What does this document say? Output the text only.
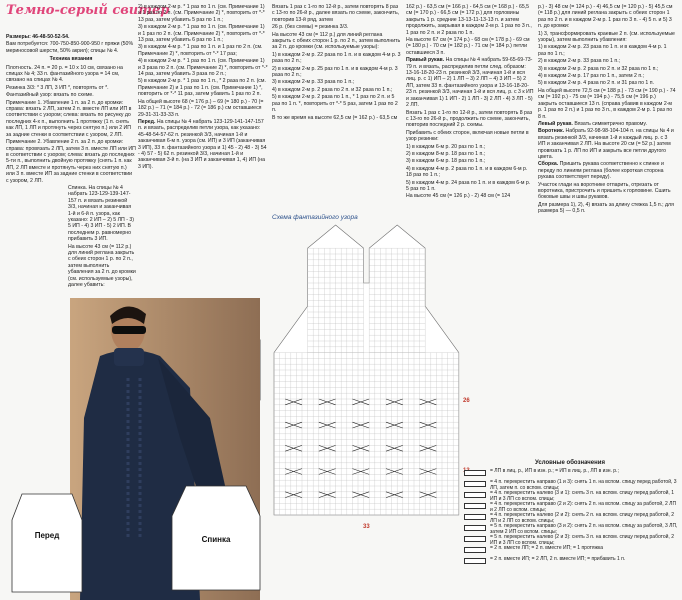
Темно-серый свитер

Размеры: 46-48-50-52-54.

Вам потребуется: 700-750-850-900-950 г пряжи (50% мериносовой шерсти, 50% акрил); спицы № 4.

Техника вязания

Плотность. 24 п. = 20 р. = 10 х 10 см, связано на спицах № 4; 33 п. фантазийного узора = 14 см, связано на спицах № 4.

Резинка 3/3: * 3 ЛП, 3 ИП *, повторять от *.

Фантазийный узор: вязать по схеме.

Примечание 1. Убавление 1 п. за 2 п. до кромки: справа: вязать 2 ЛП, затем 2 п. вместе ЛП или ИП в соответствии с узором; слева: вязать по рисунку до последних 4-х п., выполнить 1 протяжку (1 п. снять как ЛП, 1 ЛП и протянуть через снятую п.) или 2 ИП за задние стенки в соответствии с узором, 2 ЛП.

Примечание 2. Убавление 2 п. за 2 п. до кромки: справа: провязать 2 ЛП, затем 3 п. вместе ЛП или ИП в соответствии с узором; слева: вязать до последних 5-ти п., выполнить двойную протяжку (снять 1 п. как ЛП, 2 ЛП вместе и протянуть через них снятую п.) или 3 п. вместе ИП за задние стенки в соответствии с узором, 2 ЛП.

Спинка. На спицы № 4 набрать 123-129-139-147-157 п. и вязать резинкой 3/3, начиная и заканчивая 1-й и 6-й п. узора, как указано: 2 ИП – 2) 5 ЛП - 3) 5 ИП - 4) 3 ИП - 5) 2 ИП. В последнем р. равномерно прибавить 3 ИП.

На высоте 43 см (= 112 р.) для линий реглана закрыть с обеих сторон 1 р. по 2 п., затем выполнить убавления за 2 п. до кромки (см. используемые узоры), далее убавить:

2) в каждом 2-м р. * 1 раз по 1 п. (см. Примечание 1) и 1 раз по 2 п. (см. Примечание 2) *, повторить от *-* 13 раз, затем убавить 5 раз по 1 п.;

3) в каждом 2-м р. * 1 раз по 1 п. (см. Примечание 1) и 1 раз по 2 п. (см. Примечание 2) *, повторить от *-* 13 раз, затем убавить 6 раз по 1 п.;

3) в каждом 4-м р. * 1 раз по 1 п. и 1 раз по 2 п. (см. Примечание 2) *, повторить от *-* 17 раз;

4) в каждом 2-м р. * 1 раз по 1 п. (см. Примечание 1) и 3 раза по 2 п. (см. Примечание 2) *, повторить от *-* 14 раз, затем убавить 3 раза по 2 п.;

5) в каждом 2-м р. * 1 раз по 1 п., * 2 раза по 2 п. (см. Примечание 2) и 1 раз по 1 п. (см. Примечание 1) *, повторить от *-* 11 раз, затем убавить 1 раз по 2 п.

На общей высоте 68 (= 176 р.) – 69 (= 180 р.) - 70 (= 182 р.) – 71 (= 184 р.) - 72 (= 186 р.) см оставшиеся 29-31-31-33-33 п.

Перед. На спицы № 4 набрать 123-129-141-147-157 п. и вязать, распределив петли узора, как указано: 45-48-54-57-62 п. резинкой 3/3, начиная 1-й и заканчивая 6-м п. узора (см. ИП) и 3 ИП (заканчивая 3 ИП), 33 п. фантазийного узора и 1) 45 - 2) 48 - 3) 54 - 4) 57 - 5) 62 п. резинкой 3/3, начиная 1-й и заканчивая 3-й п. (на 3 ИП и заканчивая 1, 4) ИП (на 3 ИП).

Вязать 1 раз с 1-го по 12-й р., затем повторять 8 раз с 13-го по 26-й р., далее вязать по схеме, закончить, повторив 13-й ряд, затем

26 р. (без схемы) = резинка 3/3.

На высоте 43 см (= 112 р.) для линий реглана закрыть с обеих сторон 1 р. по 2 п., затем выполнить за 2 п. до кромки (см. используемые узоры):

1) в каждом 2-м р. 22 раза по 1 п. и в каждом 4-м р. 3 раза по 2 п.;

2) в каждом 2-м р. 25 раз по 1 п. и в каждом 4-м р. 3 раза по 2 п.;

3) в каждом 2-м р. 33 раза по 1 п.;

4) в каждом 2-м р. 2 раза по 2 п. и 32 раза по 1 п.;

5) в каждом 2-м р. 2 раза по 1 п., * 1 раз по 2 п. и 5 раз по 1 п. *, повторить от *-* 5 раз, затем 1 раз по 2 п.

В то же время на высоте 62,5 см (= 162 р.) - 63,5 см

162 р.) - 63,5 см (= 166 р.) - 64,5 см (= 168 р.) - 65,5 см (= 170 р.) - 66,5 см (= 172 р.) для горловины закрыть 1 р. средние 13-13-11-13-13 п. и затем продолжить, закрывая в каждом 2-м р. 1 раз по 3 п., 1 раз по 2 п. и 2 раза по 1 п.

На высоте 67 см (= 174 р.) - 68 см (= 178 р.) - 69 см (= 180 р.) - 70 см (= 182 р.) - 71 см (= 184 р.) петли оставшиеся 3 п.

Правый рукав. На спицы № 4 набрать 59-65-69-73-79 п. и вязать, распределив петли след. образом: 13-16-18-20-23 п. резинкой 3/3, начиная 1-й и вся лиц. р. с 1) ИП – 2) 1 ЛП – 3) 2 ЛП – 4) 3 ИП – 5) 2 ЛП, затем 33 п. фантазийного узора и 13-16-18-20-23 п. резинкой 3/3, начиная 1-й и вся лиц. р. с 3 к ИП и заканчивая 1) 1 ИП - 2) 1 ЛП - 3) 2 ЛП - 4) 3 ЛП - 5) 2 ЛП.

Вязать 1 раз с 1-го по 12-й р., затем повторять 8 раз с 13-го по 26-й р., продолжить по схеме, закончить, повторив последний 2 р. схемы.

Прибавить с обеих сторон, включая новые петли в узор резинки:

1) в каждом 6-м р. 20 раз по 1 п.;

2) в каждом 8-м р. 18 раз по 1 п.;

3) в каждом 6-м р. 18 раз по 1 п.;

4) в каждом 4-м р. 2 раза по 1 п. и в каждом 6-м р. 18 раз по 1 п.;

5) в каждом 4-м р. 24 раза по 1 п. и в каждом 6-м р. 5 раз по 1 п.

На высоте 45 см (= 126 р.) - 2) 48 см (= 124

р.) - 3) 48 см (= 124 р.) - 4) 46,5 см (= 120 р.) - 5) 45,5 см (= 118 р.) для линий реглана закрыть с обеих сторон 1 раз по 2 п. и в каждом 2-м р. 1 раз по 3 п. - 4) 5 п. и 5) 3 п. до кромки:

1) 3, трансформировать краевые 2 п. (см. используемые узоры), затем выполнить убавления:

1) в каждом 2-м р. 23 раза по 1 п. и в каждом 4-м р. 1 раз по 1 п.;

2) в каждом 2-м р. 33 раза по 1 п.;

3) в каждом 2-м р. 2 раза по 2 п. и 32 раза по 1 п.;

4) в каждом 2-м р. 17 раз по 1 п., затем 2 п.;

5) в каждом 2-м р. 4 раза по 2 п. и 31 раз по 1 п.

На общей высоте 72,5 см (= 188 р.) - 73 см (= 190 р.) - 74 см (= 192 р.) - 75 см (= 194 р.) - 75,5 см (= 196 р.) закрыть оставшиеся 13 п. (справа убавив в каждом 2-м р. 1 раз по 2 п.) и 1 раз по 3 п., в каждом 2-м р. 1 раз по 8 п.

Левый рукав. Вязать симметрично правому.

Воротник. Набрать 92-98-98-104-104 п. на спицы № 4 и вязать резинкой 3/3, начиная 1-й и каждый лиц. р. с 3 ИП и заканчивая 2 ЛП. На высоте 20 см (= 52 р.) затем провязать 1 р. ЛП по ИП и закрыть все петли другого цвета.

Сборка. Пришить рукава соответственно к спинке и переду по линиям реглана (более короткая сторона рукава соответствует переду).

Участок глади на воротнике отпарить, отрезать от воротника, пристрочить и пришить к горловине. Сшить боковые швы и швы рукавов.

Для размера 1), 2), 4) вязать за длину стежка 1,5 п.; для размера 5) — 0,5 п.

Перед	Спинка
Схема фантазийного узора
26
33
Условные обозначения
= ЛП в лиц. р., ИП в изн. р.; = ИП в лиц. р., ЛП в изн. р.;
= 4 п. перекрестить направо (1 и 3): снять 1 п. на вспом. спицу перед работой, 3 ЛП, затем п. со вспом. спицы;
= 4 п. перекрестить налево (3 и 1): снять 3 п. на вспом. спицу перед работой, 1 ИП и 3 ЛП со вспом. спицы;
= 4 п. перекрестить направо (2 и 2): снять 2 п. на вспом. спицу за работой, 2 ЛП и 2 ЛП со вспом. спицы;
= 4 п. перекрестить налево (2 и 2): снять 2 п. на вспом. спицу перед работой, 2 ЛП и 2 ЛП со вспом. спицы;
= 5 п. перекрестить направо (3 и 2): снять 2 п. на вспом. спицу за работой, 3 ЛП, затем 2 ИП со вспом. спицы;
= 5 п. перекрестить налево (2 и 3): снять 3 п. на вспом. спицу перед работой, 2 ИП и 3 ЛП со вспом. спицы;
= 2 п. вместе ЛП; = 2 п. вместе ИП; = 1 протяжка
= 2 п. вместе ИП; = 2 ЛП, 2 п. вместе ИП; = прибавить 1 п.
